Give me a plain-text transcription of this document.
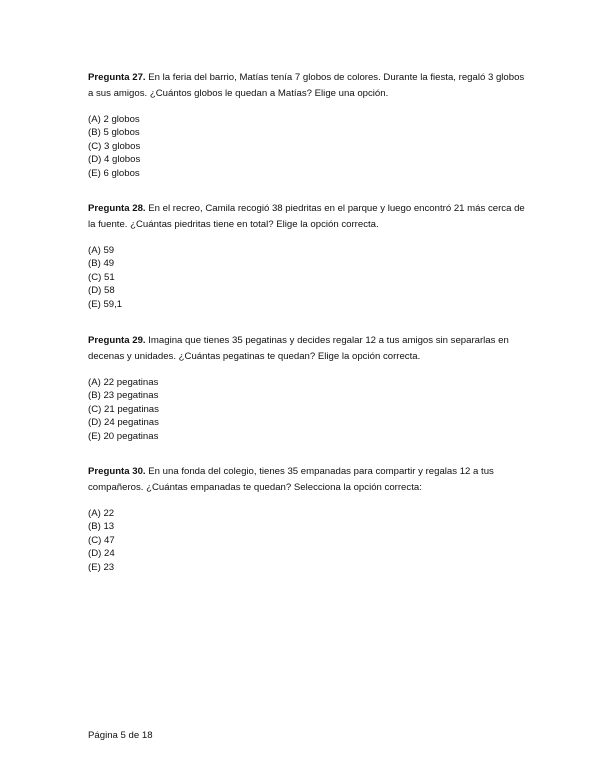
Pregunta 27. En la feria del barrio, Matías tenía 7 globos de colores. Durante la fiesta, regaló 3 globos a sus amigos. ¿Cuántos globos le quedan a Matías? Elige una opción.

(A) 2 globos
(B) 5 globos
(C) 3 globos
(D) 4 globos
(E) 6 globos

Pregunta 28. En el recreo, Camila recogió 38 piedritas en el parque y luego encontró 21 más cerca de la fuente. ¿Cuántas piedritas tiene en total? Elige la opción correcta.

(A) 59
(B) 49
(C) 51
(D) 58
(E) 59,1

Pregunta 29. Imagina que tienes 35 pegatinas y decides regalar 12 a tus amigos sin separarlas en decenas y unidades. ¿Cuántas pegatinas te quedan? Elige la opción correcta.

(A) 22 pegatinas
(B) 23 pegatinas
(C) 21 pegatinas
(D) 24 pegatinas
(E) 20 pegatinas

Pregunta 30. En una fonda del colegio, tienes 35 empanadas para compartir y regalas 12 a tus compañeros. ¿Cuántas empanadas te quedan? Selecciona la opción correcta:

(A) 22
(B) 13
(C) 47
(D) 24
(E) 23
Página 5 de 18
